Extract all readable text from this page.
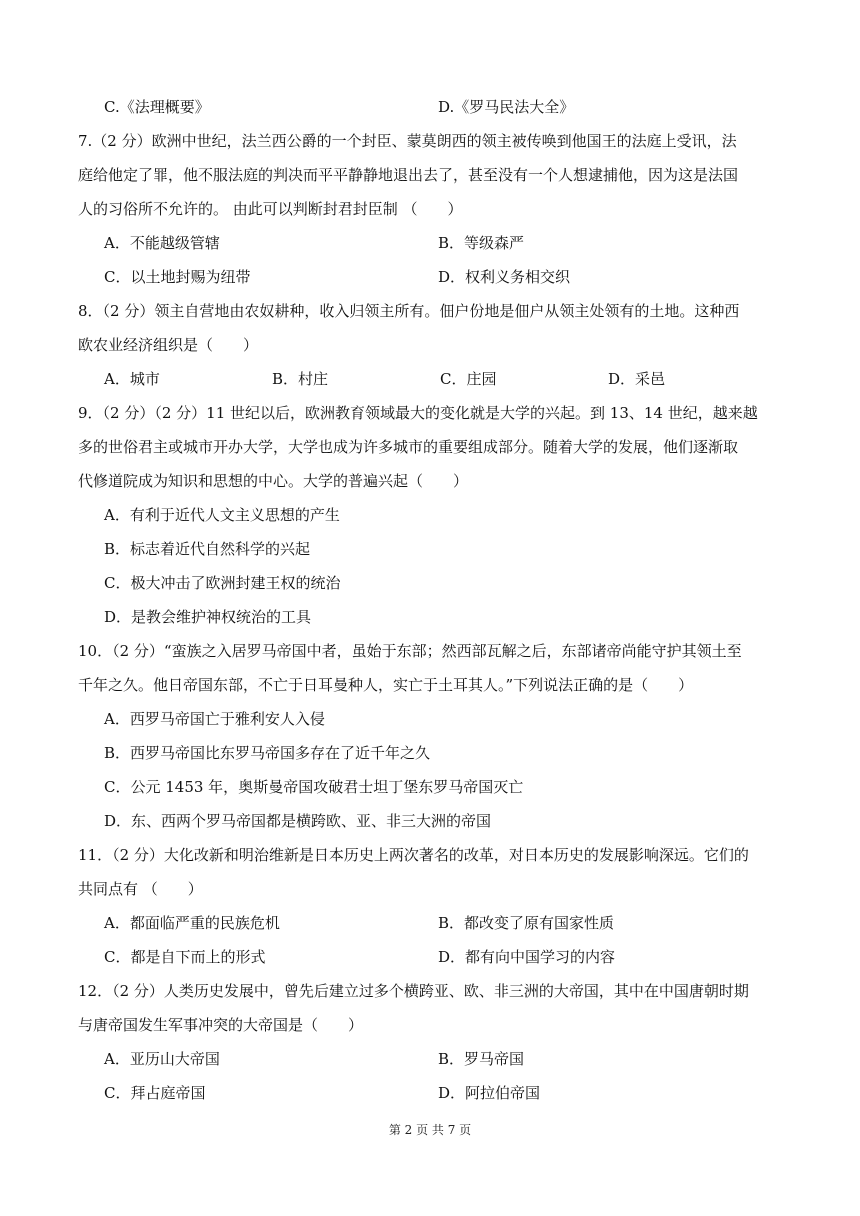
C.《法理概要》	D.《罗马民法大全》
7.（2 分）欧洲中世纪，法兰西公爵的一个封臣、蒙莫朗西的领主被传唤到他国王的法庭上受讯，法
庭给他定了罪，他不服法庭的判决而平平静静地退出去了，甚至没有一个人想逮捕他，因为这是法国
人的习俗所不允许的。 由此可以判断封君封臣制 （　　）
A．不能越级管辖	B．等级森严
C．以土地封赐为纽带	D．权利义务相交织
8．（2 分）领主自营地由农奴耕种，收入归领主所有。佃户份地是佃户从领主处领有的土地。这种西
欧农业经济组织是（　　）
A．城市	B．村庄	C．庄园	D．采邑
9．（2 分）（2 分）11 世纪以后，欧洲教育领域最大的变化就是大学的兴起。到 13、14 世纪，越来越
多的世俗君主或城市开办大学，大学也成为许多城市的重要组成部分。随着大学的发展，他们逐渐取
代修道院成为知识和思想的中心。大学的普遍兴起（　　）
A．有利于近代人文主义思想的产生
B．标志着近代自然科学的兴起
C．极大冲击了欧洲封建王权的统治
D．是教会维护神权统治的工具
10．（2 分）“蛮族之入居罗马帝国中者，虽始于东部；然西部瓦解之后，东部诸帝尚能守护其领土至
千年之久。他日帝国东部，不亡于日耳曼种人，实亡于土耳其人。”下列说法正确的是（　　）
A．西罗马帝国亡于雅利安人入侵
B．西罗马帝国比东罗马帝国多存在了近千年之久
C．公元 1453 年，奥斯曼帝国攻破君士坦丁堡东罗马帝国灭亡
D．东、西两个罗马帝国都是横跨欧、亚、非三大洲的帝国
11．（2 分）大化改新和明治维新是日本历史上两次著名的改革，对日本历史的发展影响深远。它们的
共同点有 （　　）
A．都面临严重的民族危机	B．都改变了原有国家性质
C．都是自下而上的形式	D．都有向中国学习的内容
12．（2 分）人类历史发展中，曾先后建立过多个横跨亚、欧、非三洲的大帝国，其中在中国唐朝时期
与唐帝国发生军事冲突的大帝国是（　　）
A．亚历山大帝国	B．罗马帝国
C．拜占庭帝国	D．阿拉伯帝国
第 2 页 共 7 页
